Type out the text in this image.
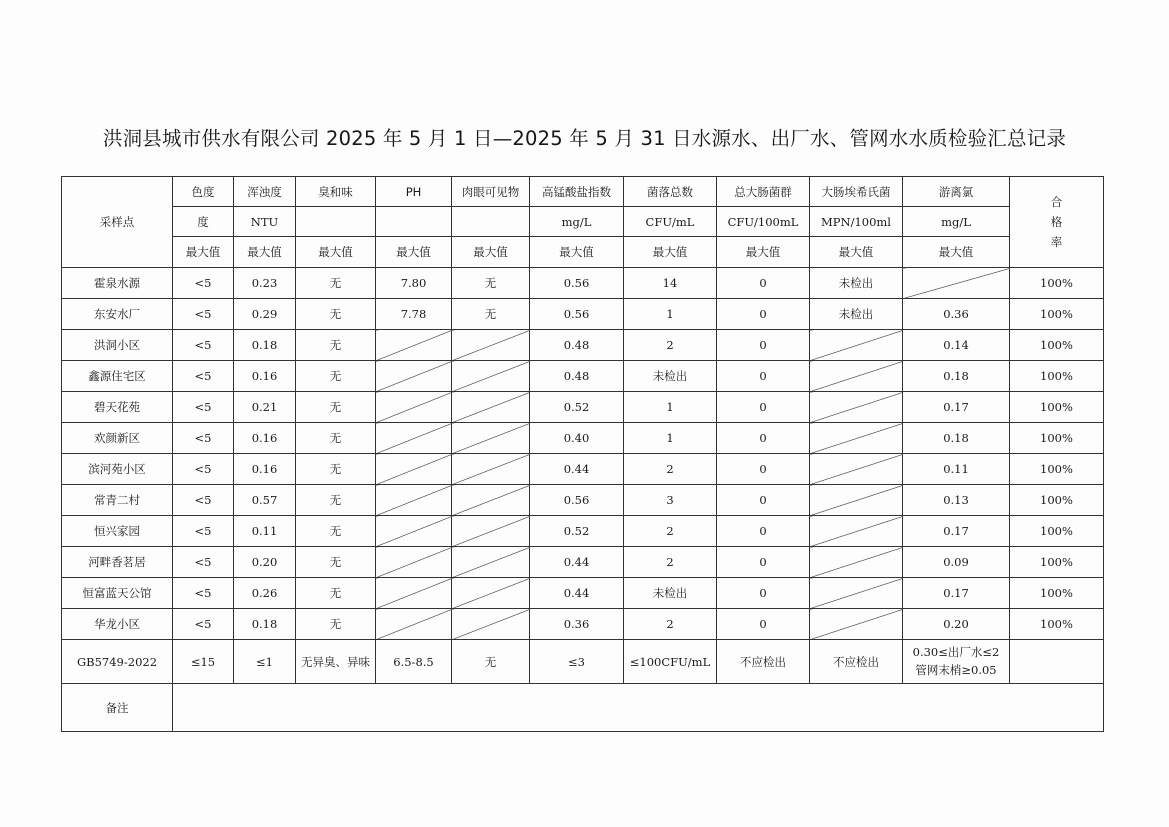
洪洞县城市供水有限公司 2025 年 5 月 1 日—2025 年 5 月 31 日水源水、出厂水、管网水水质检验汇总记录
采样点	色度	浑浊度	臭和味	PH	肉眼可见物	高锰酸盐指数	菌落总数	总大肠菌群	大肠埃希氏菌	游离氯	合格率
	度	NTU				mg/L	CFU/mL	CFU/100mL	MPN/100ml	mg/L	
	最大值	最大值	最大值	最大值	最大值	最大值	最大值	最大值	最大值	最大值	
霍泉水源	<5	0.23	无	7.80	无	0.56	14	0	未检出		100%
东安水厂	<5	0.29	无	7.78	无	0.56	1	0	未检出	0.36	100%
洪洞小区	<5	0.18	无			0.48	2	0		0.14	100%
鑫源住宅区	<5	0.16	无			0.48	未检出	0		0.18	100%
碧天花苑	<5	0.21	无			0.52	1	0		0.17	100%
欢颜新区	<5	0.16	无			0.40	1	0		0.18	100%
滨河苑小区	<5	0.16	无			0.44	2	0		0.11	100%
常青二村	<5	0.57	无			0.56	3	0		0.13	100%
恒兴家园	<5	0.11	无			0.52	2	0		0.17	100%
河畔香茗居	<5	0.20	无			0.44	2	0		0.09	100%
恒富蓝天公馆	<5	0.26	无			0.44	未检出	0		0.17	100%
华龙小区	<5	0.18	无			0.36	2	0		0.20	100%
GB5749-2022	≤15	≤1	无异臭、异味	6.5-8.5	无	≤3	≤100CFU/mL	不应检出	不应检出	0.30≤出厂水≤2
管网末梢≥0.05	

备注											
